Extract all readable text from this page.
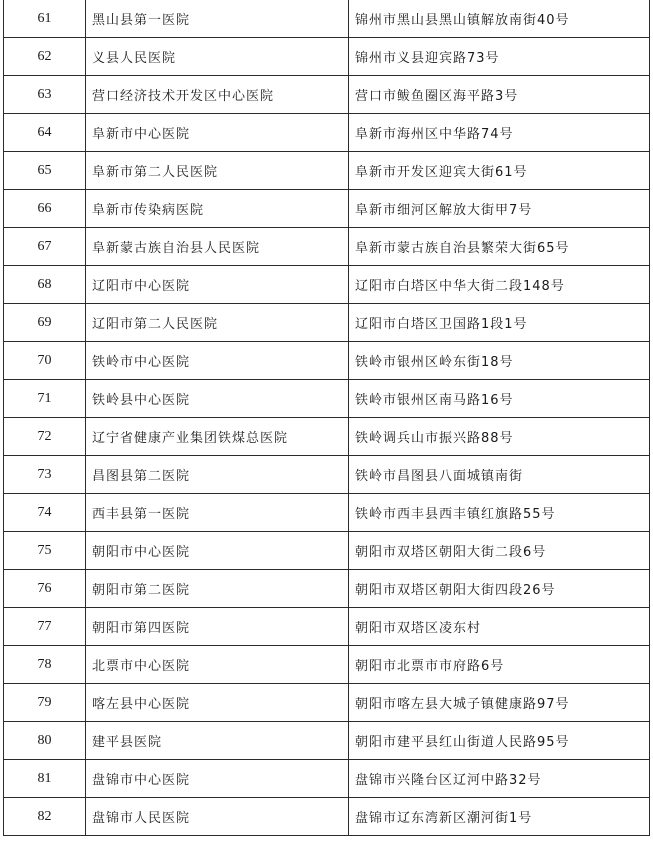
61	黑山县第一医院	锦州市黑山县黑山镇解放南街40号
62	义县人民医院	锦州市义县迎宾路73号
63	营口经济技术开发区中心医院	营口市鲅鱼圈区海平路3号
64	阜新市中心医院	阜新市海州区中华路74号
65	阜新市第二人民医院	阜新市开发区迎宾大街61号
66	阜新市传染病医院	阜新市细河区解放大街甲7号
67	阜新蒙古族自治县人民医院	阜新市蒙古族自治县繁荣大街65号
68	辽阳市中心医院	辽阳市白塔区中华大街二段148号
69	辽阳市第二人民医院	辽阳市白塔区卫国路1段1号
70	铁岭市中心医院	铁岭市银州区岭东街18号
71	铁岭县中心医院	铁岭市银州区南马路16号
72	辽宁省健康产业集团铁煤总医院	铁岭调兵山市振兴路88号
73	昌图县第二医院	铁岭市昌图县八面城镇南街
74	西丰县第一医院	铁岭市西丰县西丰镇红旗路55号
75	朝阳市中心医院	朝阳市双塔区朝阳大街二段6号
76	朝阳市第二医院	朝阳市双塔区朝阳大街四段26号
77	朝阳市第四医院	朝阳市双塔区凌东村
78	北票市中心医院	朝阳市北票市市府路6号
79	喀左县中心医院	朝阳市喀左县大城子镇健康路97号
80	建平县医院	朝阳市建平县红山街道人民路95号
81	盘锦市中心医院	盘锦市兴隆台区辽河中路32号
82	盘锦市人民医院	盘锦市辽东湾新区潮河街1号
